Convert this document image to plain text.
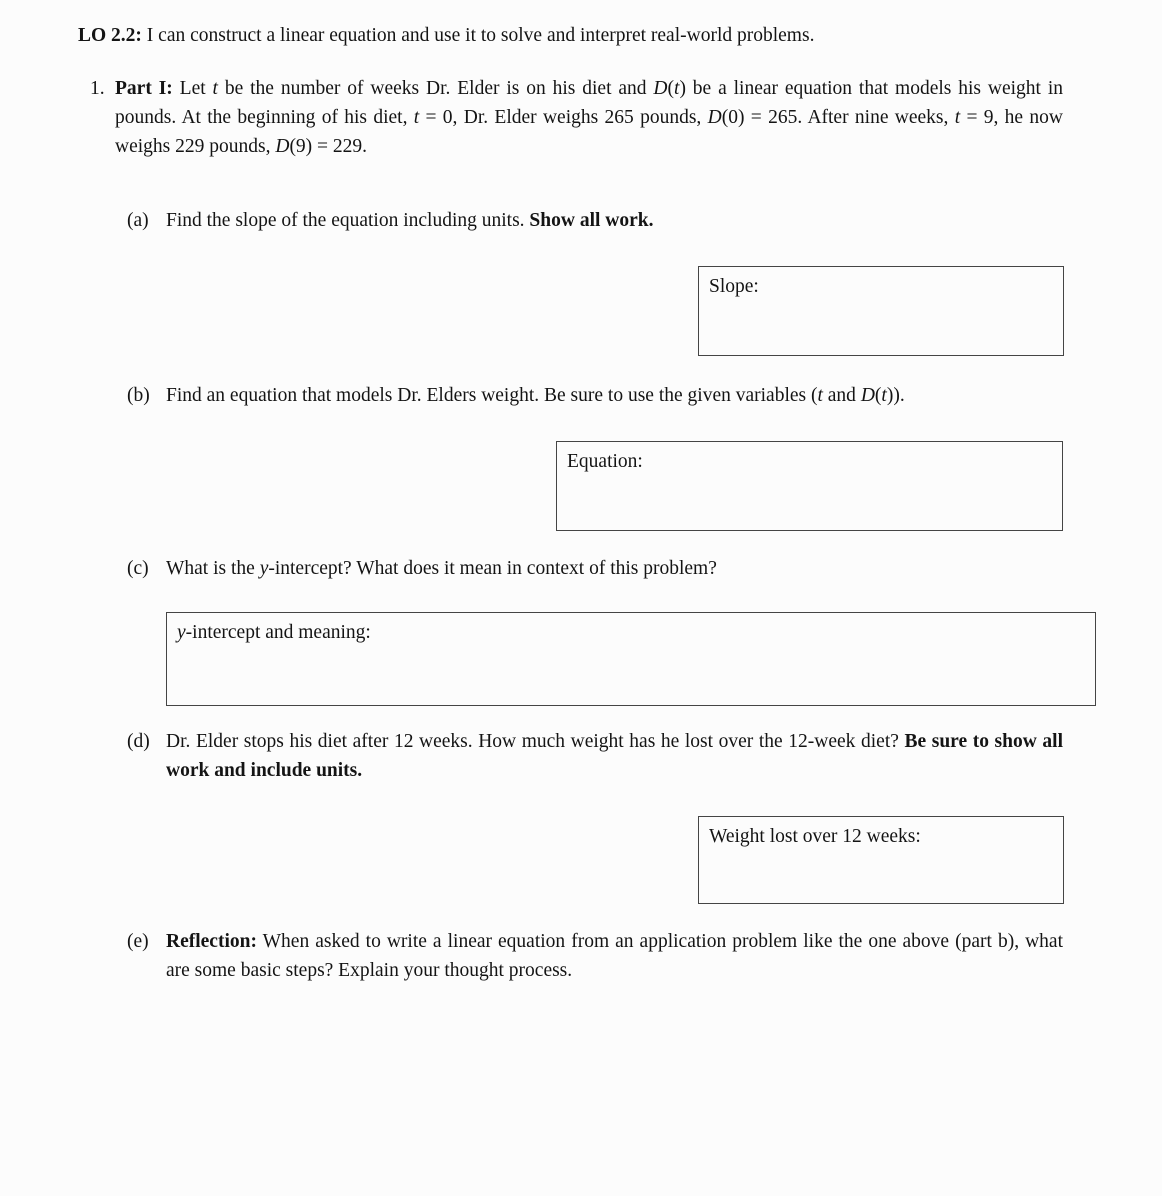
LO 2.2: I can construct a linear equation and use it to solve and interpret real-world problems.

1. Part I: Let t be the number of weeks Dr. Elder is on his diet and D(t) be a linear equation that models his weight in pounds. At the beginning of his diet, t = 0, Dr. Elder weighs 265 pounds, D(0) = 265. After nine weeks, t = 9, he now weighs 229 pounds, D(9) = 229.
(a) Find the slope of the equation including units. Show all work.
Slope:
(b) Find an equation that models Dr. Elders weight. Be sure to use the given variables (t and D(t)).
Equation:
(c) What is the y-intercept? What does it mean in context of this problem?
y-intercept and meaning:
(d) Dr. Elder stops his diet after 12 weeks. How much weight has he lost over the 12-week diet? Be sure to show all work and include units.
Weight lost over 12 weeks:
(e) Reflection: When asked to write a linear equation from an application problem like the one above (part b), what are some basic steps? Explain your thought process.
